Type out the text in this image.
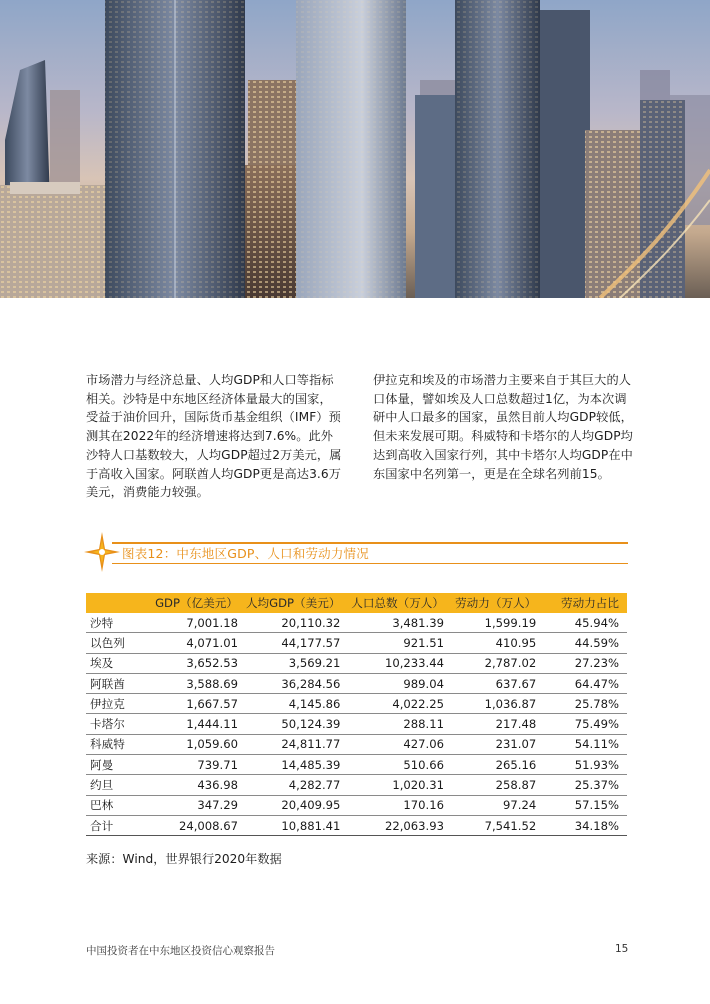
市场潜力与经济总量、人均GDP和人口等指标相关。沙特是中东地区经济体量最大的国家，受益于油价回升，国际货币基金组织（IMF）预测其在2022年的经济增速将达到7.6%。此外沙特人口基数较大，人均GDP超过2万美元，属于高收入国家。阿联酋人均GDP更是高达3.6万美元，消费能力较强。
伊拉克和埃及的市场潜力主要来自于其巨大的人口体量，譬如埃及人口总数超过1亿，为本次调研中人口最多的国家，虽然目前人均GDP较低，但未来发展可期。科威特和卡塔尔的人均GDP均达到高收入国家行列，其中卡塔尔人均GDP在中东国家中名列第一，更是在全球名列前15。
图表12：中东地区GDP、人口和劳动力情况
	GDP（亿美元）	人均GDP（美元）	人口总数（万人）	劳动力（万人）	劳动力占比
沙特	7,001.18	20,110.32	3,481.39	1,599.19	45.94%
以色列	4,071.01	44,177.57	921.51	410.95	44.59%
埃及	3,652.53	3,569.21	10,233.44	2,787.02	27.23%
阿联酋	3,588.69	36,284.56	989.04	637.67	64.47%
伊拉克	1,667.57	4,145.86	4,022.25	1,036.87	25.78%
卡塔尔	1,444.11	50,124.39	288.11	217.48	75.49%
科威特	1,059.60	24,811.77	427.06	231.07	54.11%
阿曼	739.71	14,485.39	510.66	265.16	51.93%
约旦	436.98	4,282.77	1,020.31	258.87	25.37%
巴林	347.29	20,409.95	170.16	97.24	57.15%
合计	24,008.67	10,881.41	22,063.93	7,541.52	34.18%
来源：Wind，世界银行2020年数据
中国投资者在中东地区投资信心观察报告	15
